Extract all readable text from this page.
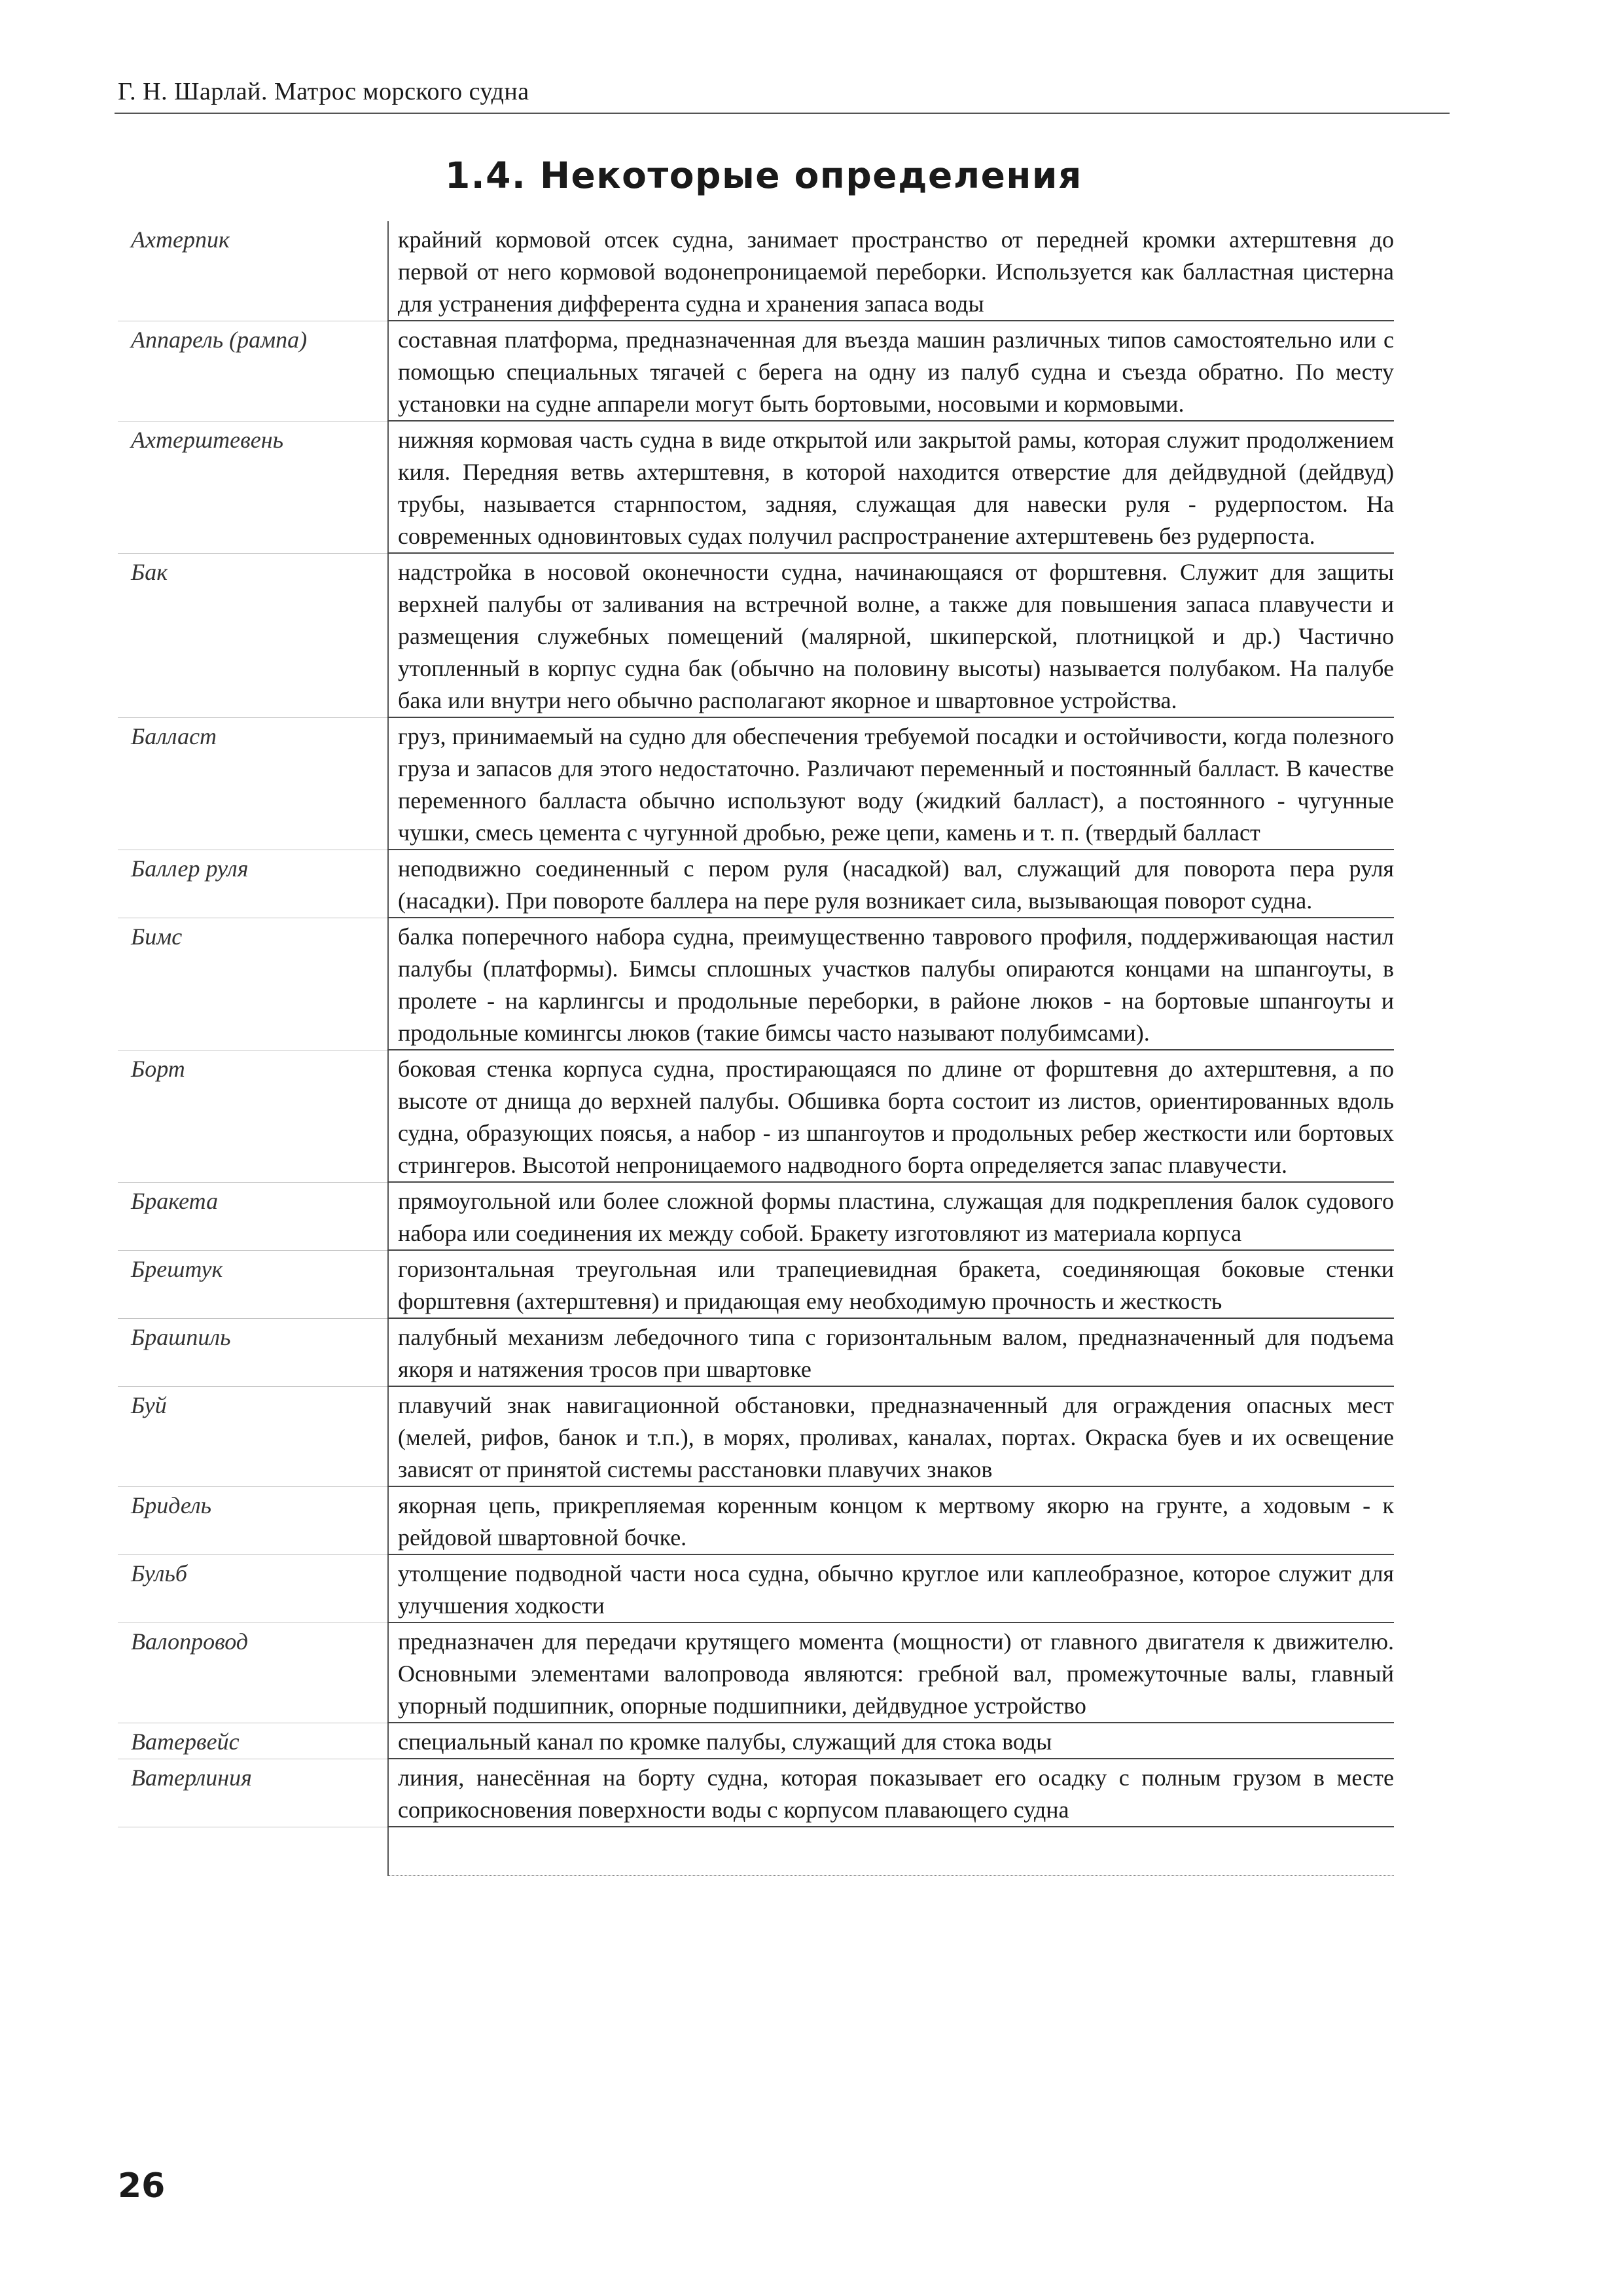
Г. Н. Шарлай. Матрос морского судна
1.4. Некоторые определения
Ахтерпик	крайний кормовой отсек судна, занимает пространство от передней кромки ахтерштевня до первой от него кормовой водонепроницаемой переборки. Используется как балластная цистерна для устранения дифферента судна и хранения запаса воды
Аппарель (рампа)	составная платформа, предназначенная для въезда машин различных типов самостоятельно или с помощью специальных тягачей с берега на одну из палуб судна и съезда обратно. По месту установки на судне аппарели могут быть бортовыми, носовыми и кормовыми.
Ахтерштевень	нижняя кормовая часть судна в виде открытой или закрытой рамы, которая служит продолжением киля. Передняя ветвь ахтерштевня, в которой находится отверстие для дейдвудной (дейдвуд) трубы, называется старнпостом, задняя, служащая для навески руля - рудерпостом. На современных одновинтовых судах получил распространение ахтерштевень без рудерпоста.
Бак	надстройка в носовой оконечности судна, начинающаяся от форштевня. Служит для защиты верхней палубы от заливания на встречной волне, а также для повышения запаса плавучести и размещения служебных помещений (малярной, шкиперской, плотницкой и др.) Частично утопленный в корпус судна бак (обычно на половину высоты) называется полубаком. На палубе бака или внутри него обычно располагают якорное и швартовное устройства.
Балласт	груз, принимаемый на судно для обеспечения требуемой посадки и остойчивости, когда полезного груза и запасов для этого недостаточно. Различают переменный и постоянный балласт. В качестве переменного балласта обычно используют воду (жидкий балласт), а постоянного - чугунные чушки, смесь цемента с чугунной дробью, реже цепи, камень и т. п. (твердый балласт
Баллер руля	неподвижно соединенный с пером руля (насадкой) вал, служащий для поворота пера руля (насадки). При повороте баллера на пере руля возникает сила, вызывающая поворот судна.
Бимс	балка поперечного набора судна, преимущественно таврового профиля, поддерживающая настил палубы (платформы). Бимсы сплошных участков палубы опираются концами на шпангоуты, в пролете - на карлингсы и продольные переборки, в районе люков - на бортовые шпангоуты и продольные комингсы люков (такие бимсы часто называют полубимсами).
Борт	боковая стенка корпуса судна, простирающаяся по длине от форштевня до ахтерштевня, а по высоте от днища до верхней палубы. Обшивка борта состоит из листов, ориентированных вдоль судна, образующих поясья, а набор - из шпангоутов и продольных ребер жесткости или бортовых стрингеров. Высотой непроницаемого надводного борта определяется запас плавучести.
Бракета	прямоугольной или более сложной формы пластина, служащая для подкрепления балок судового набора или соединения их между собой. Бракету изготовляют из материала корпуса
Брештук	горизонтальная треугольная или трапециевидная бракета, соединяющая боковые стенки форштевня (ахтерштевня) и придающая ему необходимую прочность и жесткость
Брашпиль	палубный механизм лебедочного типа с горизонтальным валом, предназначенный для подъема якоря и натяжения тросов при швартовке
Буй	плавучий знак навигационной обстановки, предназначенный для ограждения опасных мест (мелей, рифов, банок и т.п.), в морях, проливах, каналах, портах. Окраска буев и их освещение зависят от принятой системы расстановки плавучих знаков
Бридель	якорная цепь, прикрепляемая коренным концом к мертвому якорю на грунте, а ходовым - к рейдовой швартовной бочке.
Бульб	утолщение подводной части носа судна, обычно круглое или каплеобразное, которое служит для улучшения ходкости
Валопровод	предназначен для передачи крутящего момента (мощности) от главного двигателя к движителю. Основными элементами валопровода являются: гребной вал, промежуточные валы, главный упорный подшипник, опорные подшипники, дейдвудное устройство
Ватервейс	специальный канал по кромке палубы, служащий для стока воды
Ватерлиния	линия, нанесённая на борту судна, которая показывает его осадку с полным грузом в месте соприкосновения поверхности воды с корпусом плавающего судна

26
